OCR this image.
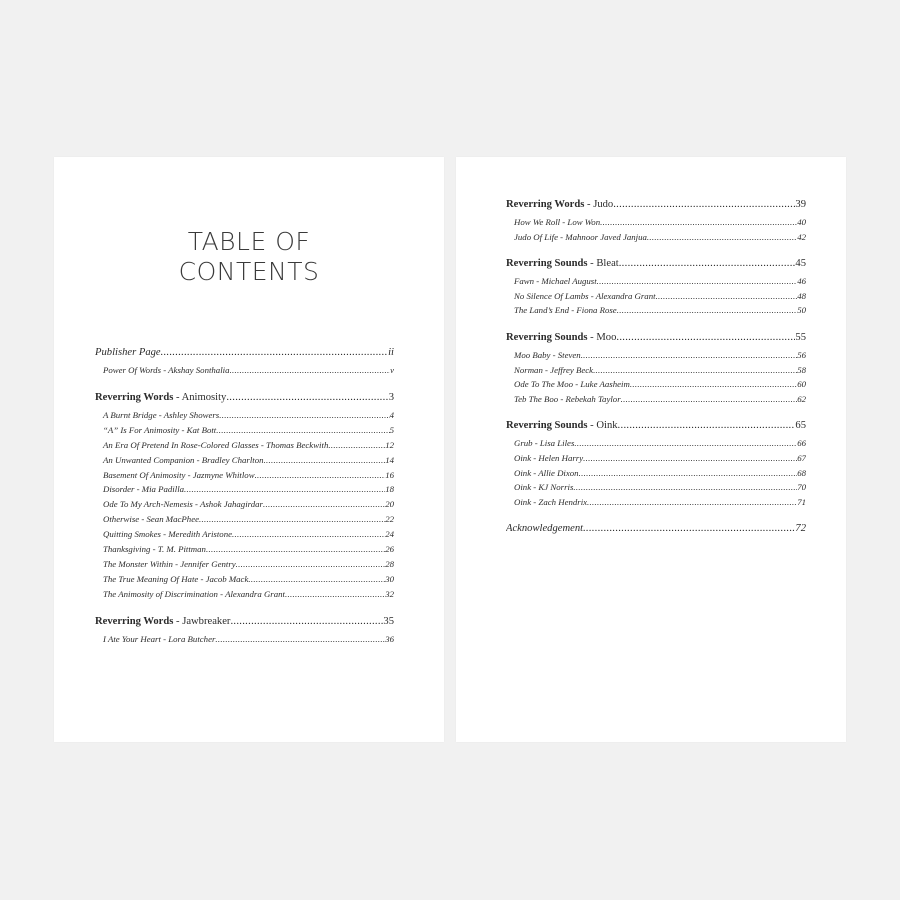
TABLE OF
CONTENTS
Publisher Page .....	ii
Power Of Words - Akshay Sonthalia .....	v
Reverring Words - Animosity .....	3
A Burnt Bridge - Ashley Showers .....	4
“A” Is For Animosity - Kat Bott .....	5
An Era Of Pretend In Rose-Colored Glasses - Thomas Beckwith .....	12
An Unwanted Companion - Bradley Charlton .....	14
Basement Of Animosity - Jazmyne Whitlow .....	16
Disorder - Mia Padilla .....	18
Ode To My Arch-Nemesis - Ashok Jahagirdar .....	20
Otherwise - Sean MacPhee .....	22
Quitting Smokes - Meredith Aristone .....	24
Thanksgiving - T. M. Pittman .....	26
The Monster Within - Jennifer Gentry .....	28
The True Meaning Of Hate - Jacob Mack .....	30
The Animosity of Discrimination - Alexandra Grant .....	32
Reverring Words - Jawbreaker .....	35
I Ate Your Heart - Lora Butcher .....	36
Reverring Words - Judo .....	39
How We Roll - Low Won .....	40
Judo Of Life - Mahnoor Javed Janjua .....	42
Reverring Sounds - Bleat .....	45
Fawn - Michael August .....	46
No Silence Of Lambs - Alexandra Grant .....	48
The Land’s End - Fiona Rose .....	50
Reverring Sounds - Moo .....	55
Moo Baby - Steven .....	56
Norman - Jeffrey Beck .....	58
Ode To The Moo - Luke Aasheim .....	60
Teb The Boo - Rebekah Taylor .....	62
Reverring Sounds - Oink .....	65
Grub - Lisa Liles .....	66
Oink - Helen Harry .....	67
Oink - Allie Dixon .....	68
Oink - KJ Norris .....	70
Oink - Zach Hendrix .....	71
Acknowledgement .....	72
